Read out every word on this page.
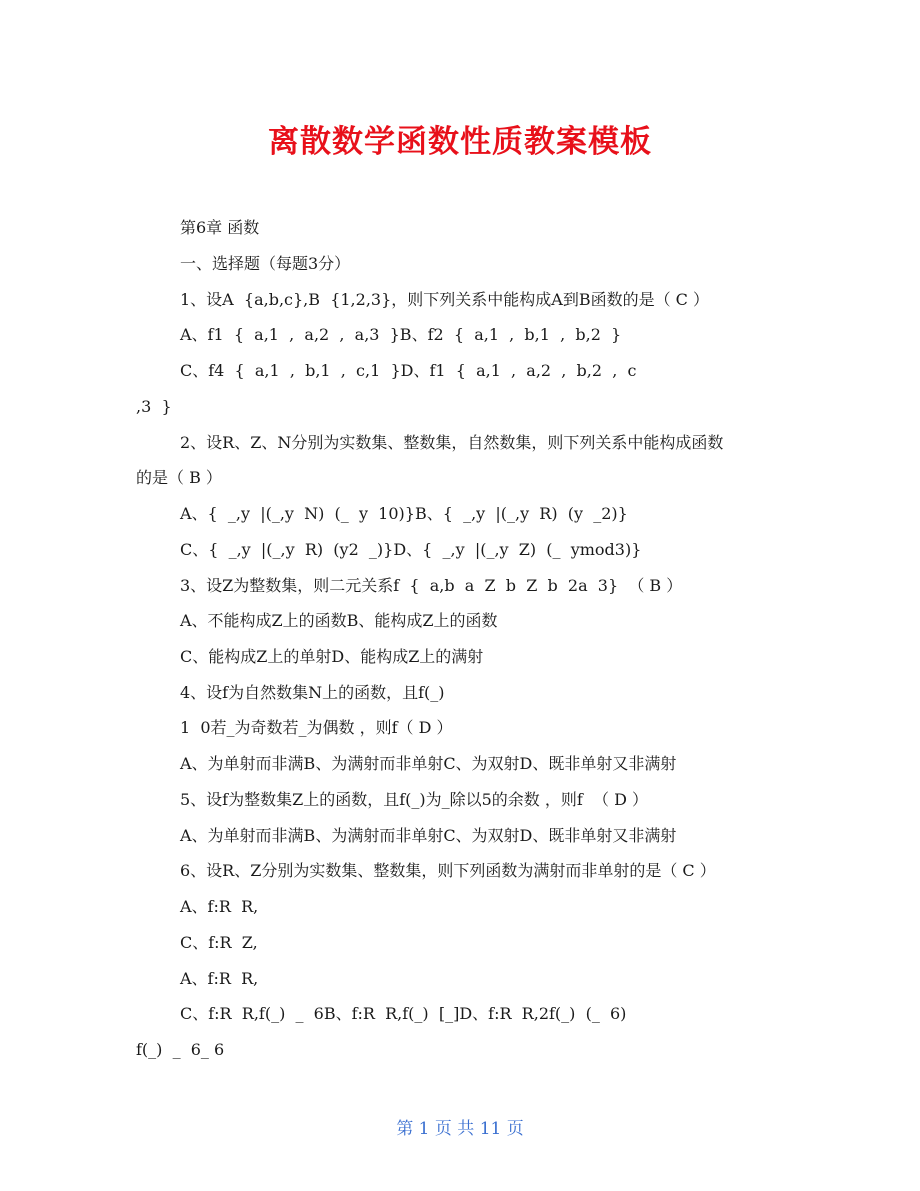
离散数学函数性质教案模板

第6章 函数

一、选择题（每题3分）

1、设A  {a,b,c},B  {1,2,3}，则下列关系中能构成A到B函数的是（ C ）

A、f1  {  a,1  ,  a,2  ,  a,3  }B、f2  {  a,1  ,  b,1  ,  b,2  }

C、f4  {  a,1  ,  b,1  ,  c,1  }D、f1  {  a,1  ,  a,2  ,  b,2  ,  c

,3  }

2、设R、Z、N分别为实数集、整数集，自然数集，则下列关系中能构成函数

的是（ B ）

A、{  _,y  |(_,y  N)  (_  y  10)}B、{  _,y  |(_,y  R)  (y  _2)}

C、{  _,y  |(_,y  R)  (y2  _)}D、{  _,y  |(_,y  Z)  (_  ymod3)}

3、设Z为整数集，则二元关系f  {  a,b  a  Z  b  Z  b  2a  3}  （ B ）

A、不能构成Z上的函数B、能构成Z上的函数

C、能构成Z上的单射D、能构成Z上的满射

4、设f为自然数集N上的函数，且f(_)

1  0若_为奇数若_为偶数 ，则f（ D ）

A、为单射而非满B、为满射而非单射C、为双射D、既非单射又非满射

5、设f为整数集Z上的函数，且f(_)为_除以5的余数 ，则f  （ D ）

A、为单射而非满B、为满射而非单射C、为双射D、既非单射又非满射

6、设R、Z分别为实数集、整数集，则下列函数为满射而非单射的是（ C ）

A、f:R  R,

C、f:R  Z,

A、f:R  R,

C、f:R  R,f(_)  _  6B、f:R  R,f(_)  [_]D、f:R  R,2f(_)  (_  6)

f(_)  _  6_ 6

第 1 页 共 11 页
